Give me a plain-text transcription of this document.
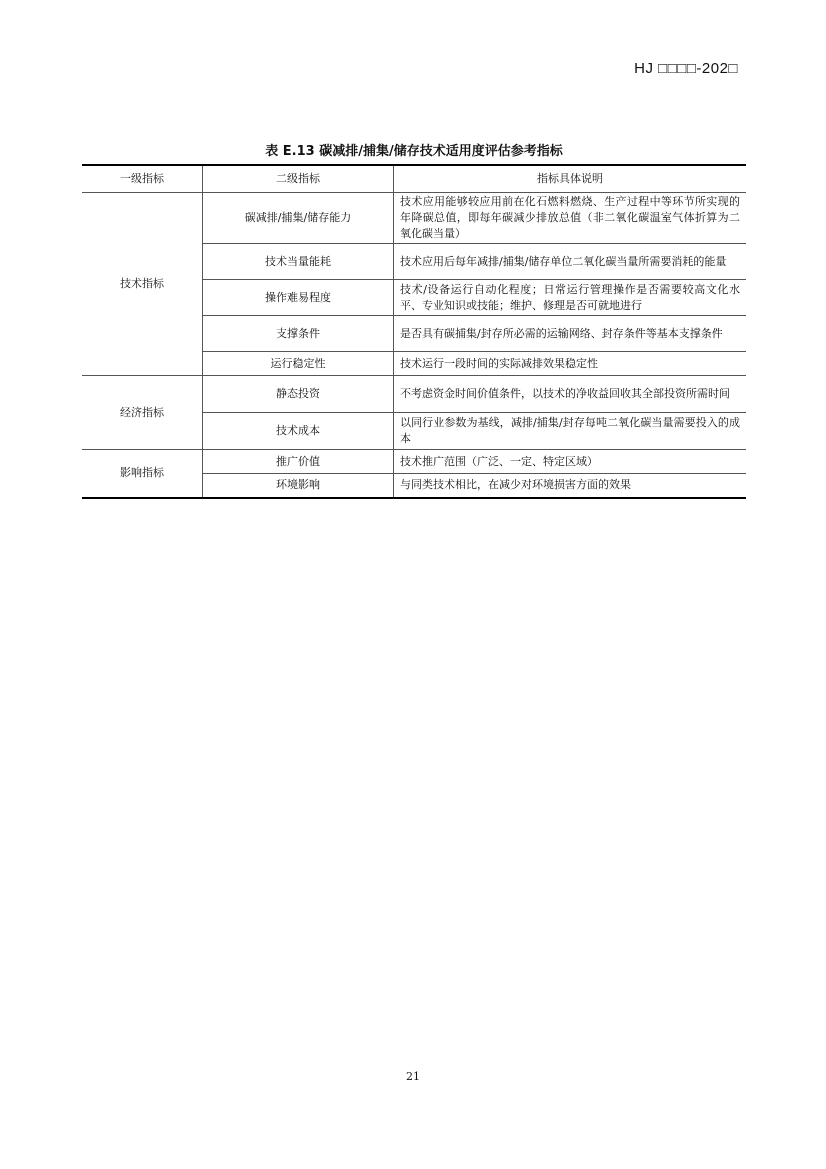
HJ □□□□-202□
表 E.13 碳减排/捕集/储存技术适用度评估参考指标
一级指标	二级指标	指标具体说明
技术指标	碳减排/捕集/储存能力	技术应用能够较应用前在化石燃料燃烧、生产过程中等环节所实现的年降碳总值，即每年碳减少排放总值（非二氧化碳温室气体折算为二氧化碳当量）
	技术当量能耗	技术应用后每年减排/捕集/储存单位二氧化碳当量所需要消耗的能量
	操作难易程度	技术/设备运行自动化程度；日常运行管理操作是否需要较高文化水平、专业知识或技能；维护、修理是否可就地进行
	支撑条件	是否具有碳捕集/封存所必需的运输网络、封存条件等基本支撑条件
	运行稳定性	技术运行一段时间的实际减排效果稳定性
经济指标	静态投资	不考虑资金时间价值条件，以技术的净收益回收其全部投资所需时间
	技术成本	以同行业参数为基线，减排/捕集/封存每吨二氧化碳当量需要投入的成本
影响指标	推广价值	技术推广范围（广泛、一定、特定区域）
	环境影响	与同类技术相比，在减少对环境损害方面的效果
21
